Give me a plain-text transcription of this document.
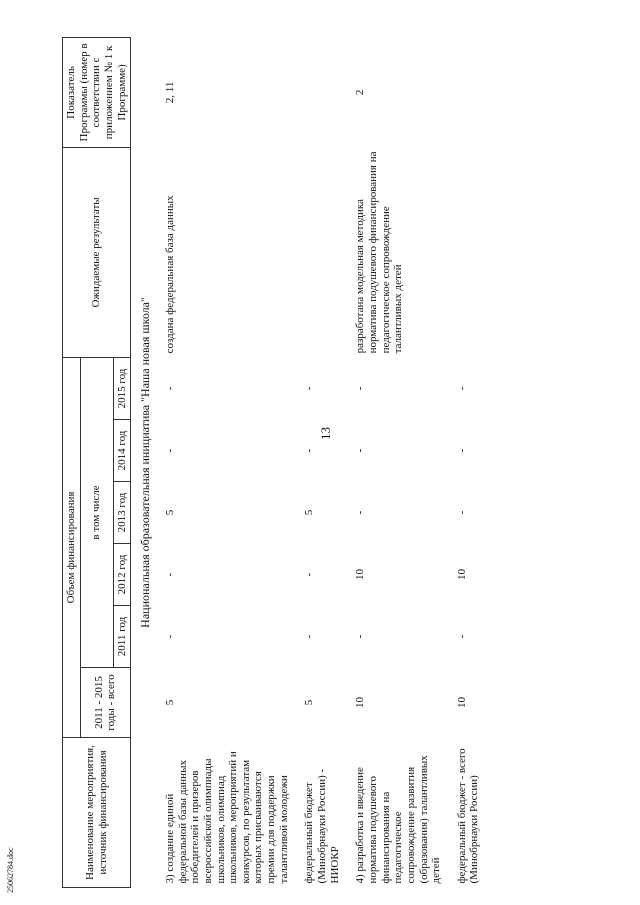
13
25062784.doc	Наименование мероприятия, источник финансирования	Объем финансирования						Ожидаемые результаты	Показатель Программы (номер в соответствии с приложением № 1 к Программе)
	2011 - 2015 годы - всего	в том числе						
		2011 год	2012 год	2013 год	2014 год	2015 год		
Национальная образовательная инициатива "Наша новая школа"								
3) создание единой федеральной базы данных победителей и призеров всероссийской олимпиады школьников, олимпиад школьников, мероприятий и конкурсов, по результатам которых присваиваются премии для поддержки талантливой молодежи	5	-	-	5	-	-	создана федеральная база данных	2, 11
федеральный бюджет (Минобрнауки России) - НИОКР	5	-	-	5	-	-		
4) разработка и введение норматива подушевого финансирования на педагогическое сопровождение развития (образования) талантливых детей	10	-	10	-	-	-	разработана модельная методика норматива подушевого финансирования на педагогическое сопровождение талантливых детей	2
федеральный бюджет - всего (Минобрнауки России)	10	-	10	-	-	-		
